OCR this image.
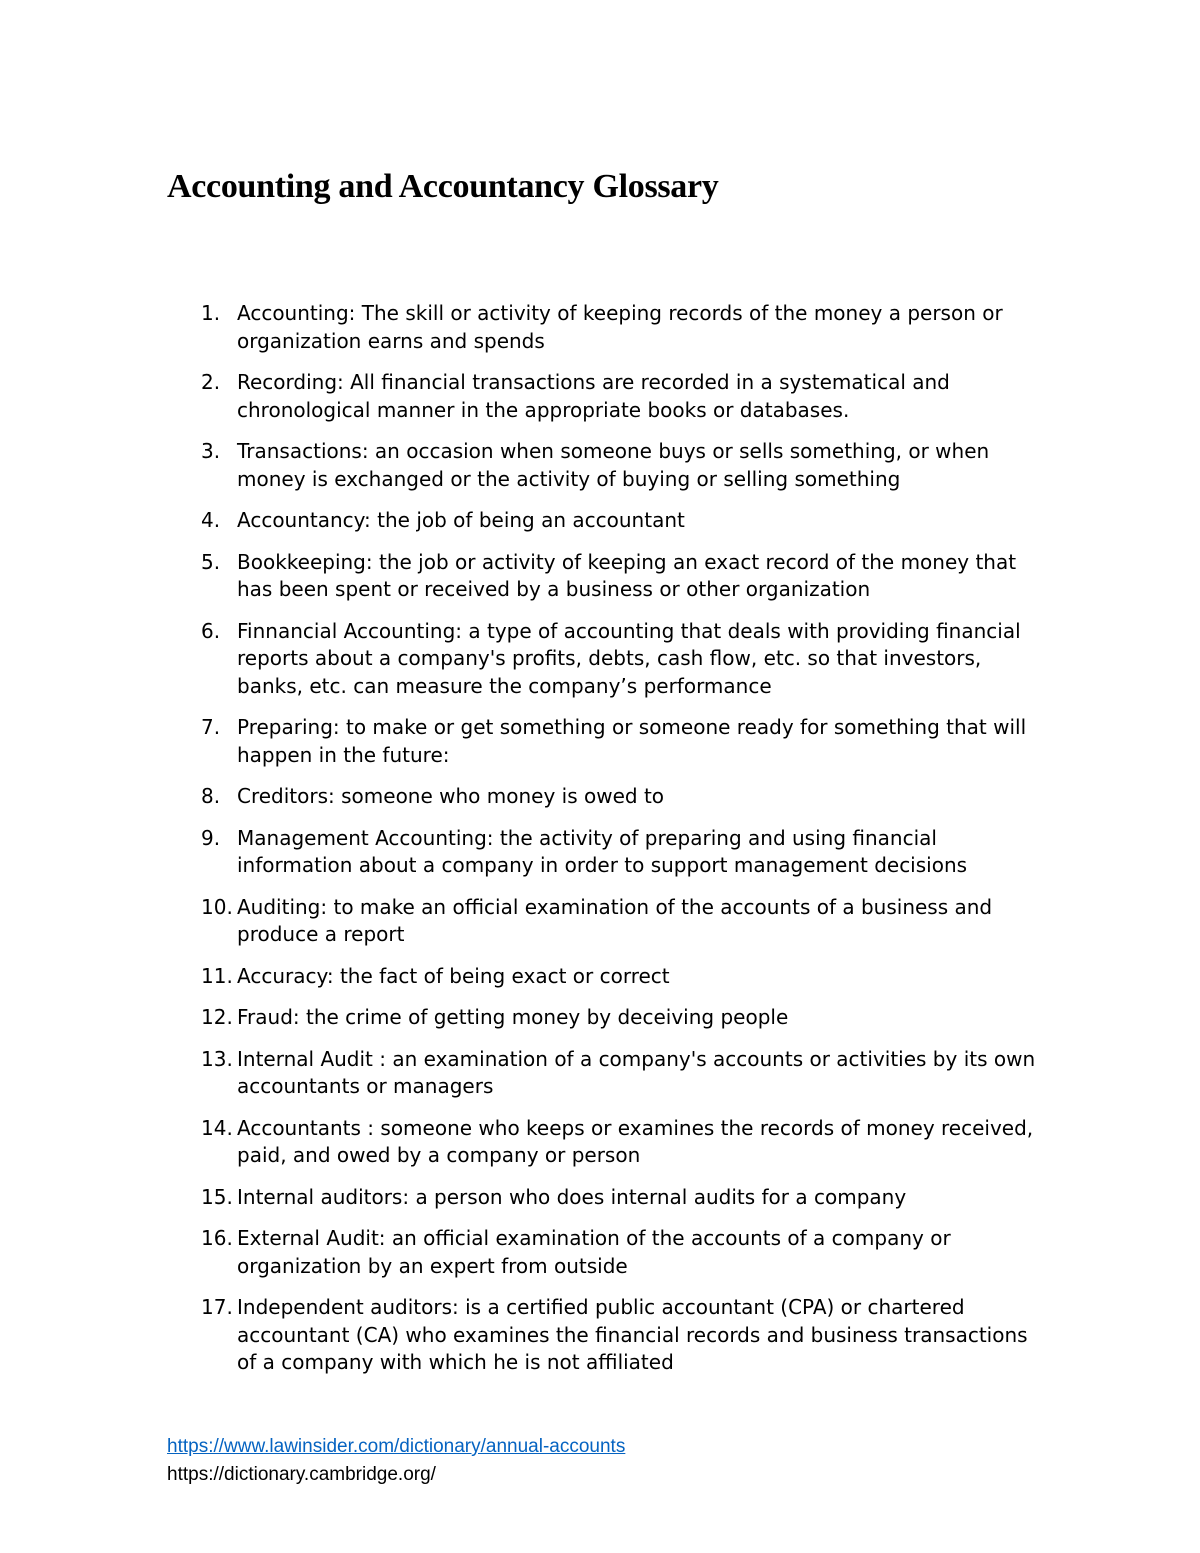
Accounting and Accountancy Glossary
1. Accounting: The skill or activity of keeping records of the money a person or organization earns and spends
2. Recording: All financial transactions are recorded in a systematical and chronological manner in the appropriate books or databases.
3. Transactions: an occasion when someone buys or sells something, or when money is exchanged or the activity of buying or selling something
4. Accountancy: the job of being an accountant
5. Bookkeeping: the job or activity of keeping an exact record of the money that has been spent or received by a business or other organization
6. Finnancial Accounting: a type of accounting that deals with providing financial reports about a company's profits, debts, cash flow, etc. so that investors, banks, etc. can measure the company’s performance
7. Preparing: to make or get something or someone ready for something that will happen in the future:
8. Creditors: someone who money is owed to
9. Management Accounting: the activity of preparing and using financial information about a company in order to support management decisions
10. Auditing: to make an official examination of the accounts of a business and produce a report
11. Accuracy: the fact of being exact or correct
12. Fraud: the crime of getting money by deceiving people
13. Internal Audit : an examination of a company's accounts or activities by its own accountants or managers
14. Accountants : someone who keeps or examines the records of money received, paid, and owed by a company or person
15. Internal auditors: a person who does internal audits for a company
16. External Audit: an official examination of the accounts of a company or organization by an expert from outside
17. Independent auditors: is a certified public accountant (CPA) or chartered accountant (CA) who examines the financial records and business transactions of a company with which he is not affiliated
https://www.lawinsider.com/dictionary/annual-accounts
https://dictionary.cambridge.org/
